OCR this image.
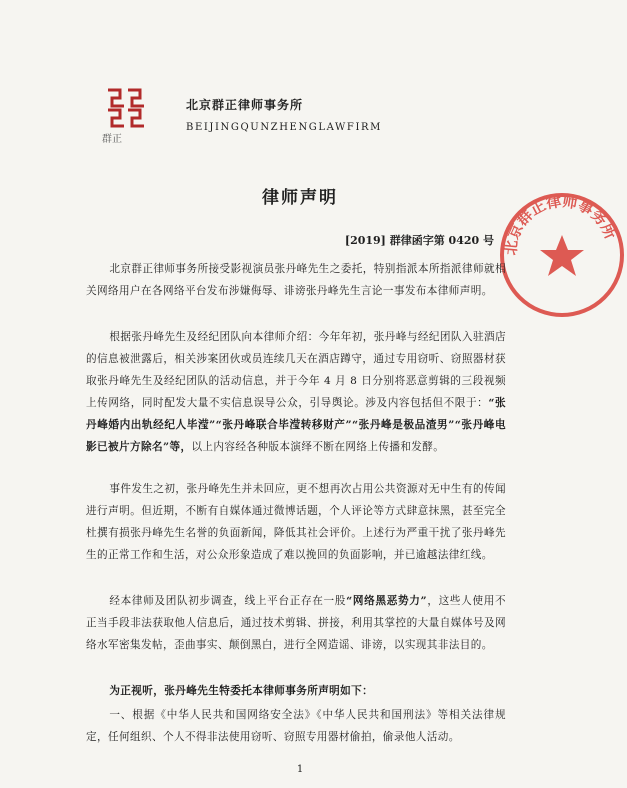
群正
北京群正律师事务所
BEIJINGQUNZHENGLAWFIRM
律师声明
[2019] 群律函字第 0420 号 北京群正律师事务所

北京群正律师事务所接受影视演员张丹峰先生之委托，特别指派本所指派律师就相关网络用户在各网络平台发布涉嫌侮辱、诽谤张丹峰先生言论一事发布本律师声明。

根据张丹峰先生及经纪团队向本律师介绍：今年年初，张丹峰与经纪团队入驻酒店的信息被泄露后，相关涉案团伙或员连续几天在酒店蹲守，通过专用窃听、窃照器材获取张丹峰先生及经纪团队的活动信息，并于今年 4 月 8 日分别将恶意剪辑的三段视频上传网络，同时配发大量不实信息误导公众，引导舆论。涉及内容包括但不限于：“张丹峰婚内出轨经纪人毕滢”“张丹峰联合毕滢转移财产”“张丹峰是极品渣男”“张丹峰电影已被片方除名”等，以上内容经各种版本演绎不断在网络上传播和发酵。

事件发生之初，张丹峰先生并未回应，更不想再次占用公共资源对无中生有的传闻进行声明。但近期，不断有自媒体通过微博话题，个人评论等方式肆意抹黑，甚至完全杜撰有损张丹峰先生名誉的负面新闻，降低其社会评价。上述行为严重干扰了张丹峰先生的正常工作和生活，对公众形象造成了难以挽回的负面影响，并已逾越法律红线。

经本律师及团队初步调查，线上平台正存在一股“网络黑恶势力”，这些人使用不正当手段非法获取他人信息后，通过技术剪辑、拼接，利用其掌控的大量自媒体号及网络水军密集发帖，歪曲事实、颠倒黑白，进行全网造谣、诽谤，以实现其非法目的。

为正视听，张丹峰先生特委托本律师事务所声明如下：

一、根据《中华人民共和国网络安全法》《中华人民共和国刑法》等相关法律规定，任何组织、个人不得非法使用窃听、窃照专用器材偷拍，偷录他人活动。

1
